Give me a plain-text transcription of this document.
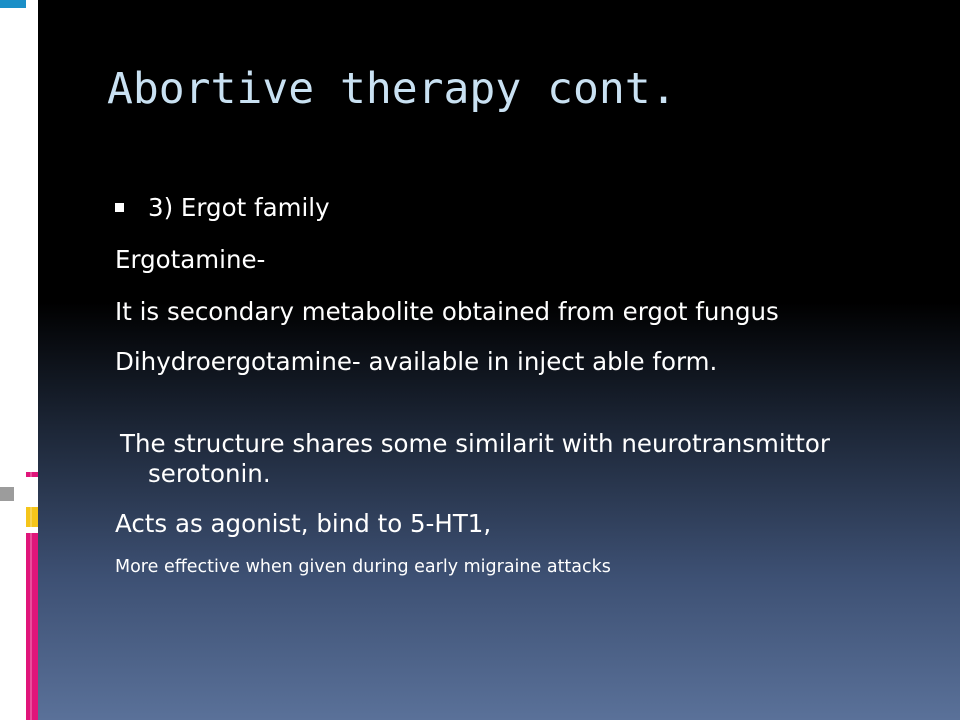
Abortive therapy cont.

3) Ergot family

Ergotamine-

It is secondary metabolite obtained from ergot fungus

Dihydroergotamine- available in inject able form.

The structure shares some similarit with neurotransmittor serotonin.

Acts as agonist, bind to 5-HT1,

More effective when given during early migraine attacks
